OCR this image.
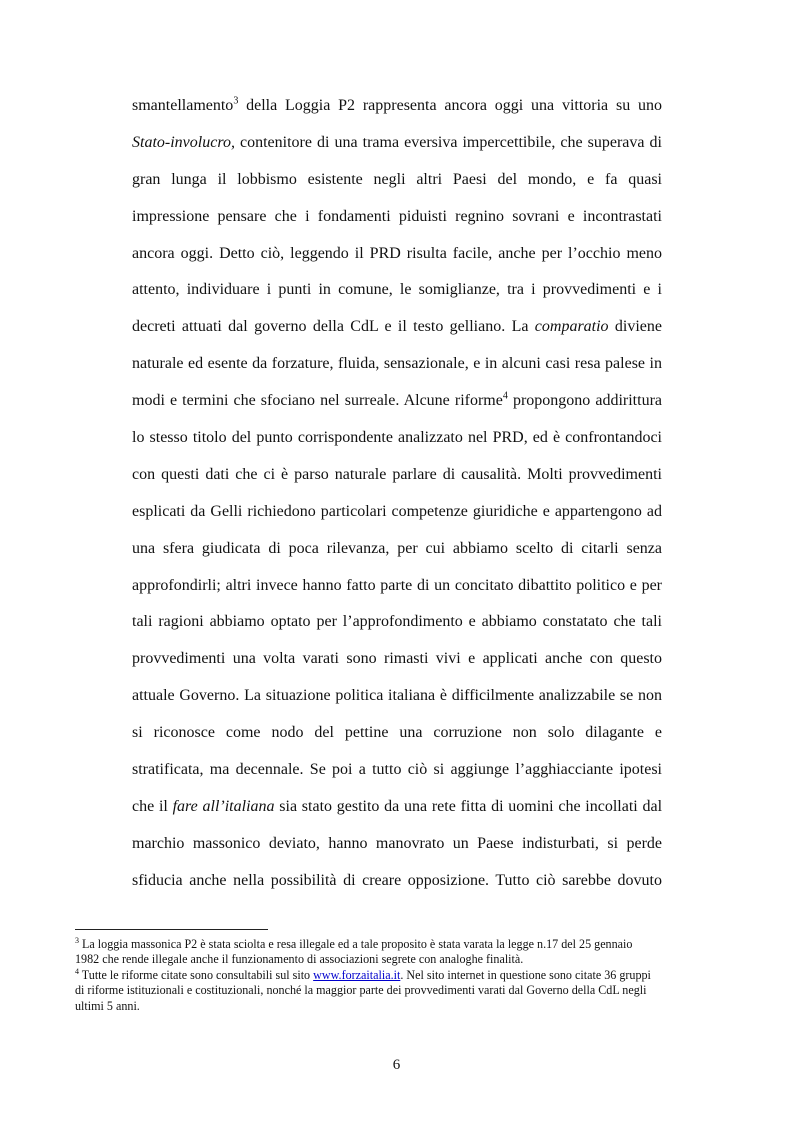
smantellamento$^3$ della Loggia P2 rappresenta ancora oggi una vittoria su uno
Stato-involucro, contenitore di una trama eversiva impercettibile, che superava di
gran lunga il lobbismo esistente negli altri Paesi del mondo, e fa quasi
impressione pensare che i fondamenti piduisti regnino sovrani e incontrastati
ancora oggi. Detto ciò, leggendo il PRD risulta facile, anche per l’occhio meno
attento, individuare i punti in comune, le somiglianze, tra i provvedimenti e i
decreti attuati dal governo della CdL e il testo gelliano. La comparatio diviene
naturale ed esente da forzature, fluida, sensazionale, e in alcuni casi resa palese in
modi e termini che sfociano nel surreale. Alcune riforme$^4$ propongono addirittura
lo stesso titolo del punto corrispondente analizzato nel PRD, ed è confrontandoci
con questi dati che ci è parso naturale parlare di causalità. Molti provvedimenti
esplicati da Gelli richiedono particolari competenze giuridiche e appartengono ad
una sfera giudicata di poca rilevanza, per cui abbiamo scelto di citarli senza
approfondirli; altri invece hanno fatto parte di un concitato dibattito politico e per
tali ragioni abbiamo optato per l’approfondimento e abbiamo constatato che tali
provvedimenti una volta varati sono rimasti vivi e applicati anche con questo
attuale Governo. La situazione politica italiana è difficilmente analizzabile se non
si riconosce come nodo del pettine una corruzione non solo dilagante e
stratificata, ma decennale. Se poi a tutto ciò si aggiunge l’agghiacciante ipotesi
che il fare all’italiana sia stato gestito da una rete fitta di uomini che incollati dal
marchio massonico deviato, hanno manovrato un Paese indisturbati, si perde
sfiducia anche nella possibilità di creare opposizione. Tutto ciò sarebbe dovuto
$^3$ La loggia massonica P2 è stata sciolta e resa illegale ed a tale proposito è stata varata la legge n.17 del 25 gennaio
1982 che rende illegale anche il funzionamento di associazioni segrete con analoghe finalità.
$^4$ Tutte le riforme citate sono consultabili sul sito www.forzaitalia.it. Nel sito internet in questione sono citate 36 gruppi
di riforme istituzionali e costituzionali, nonché la maggior parte dei provvedimenti varati dal Governo della CdL negli
ultimi 5 anni.
6
